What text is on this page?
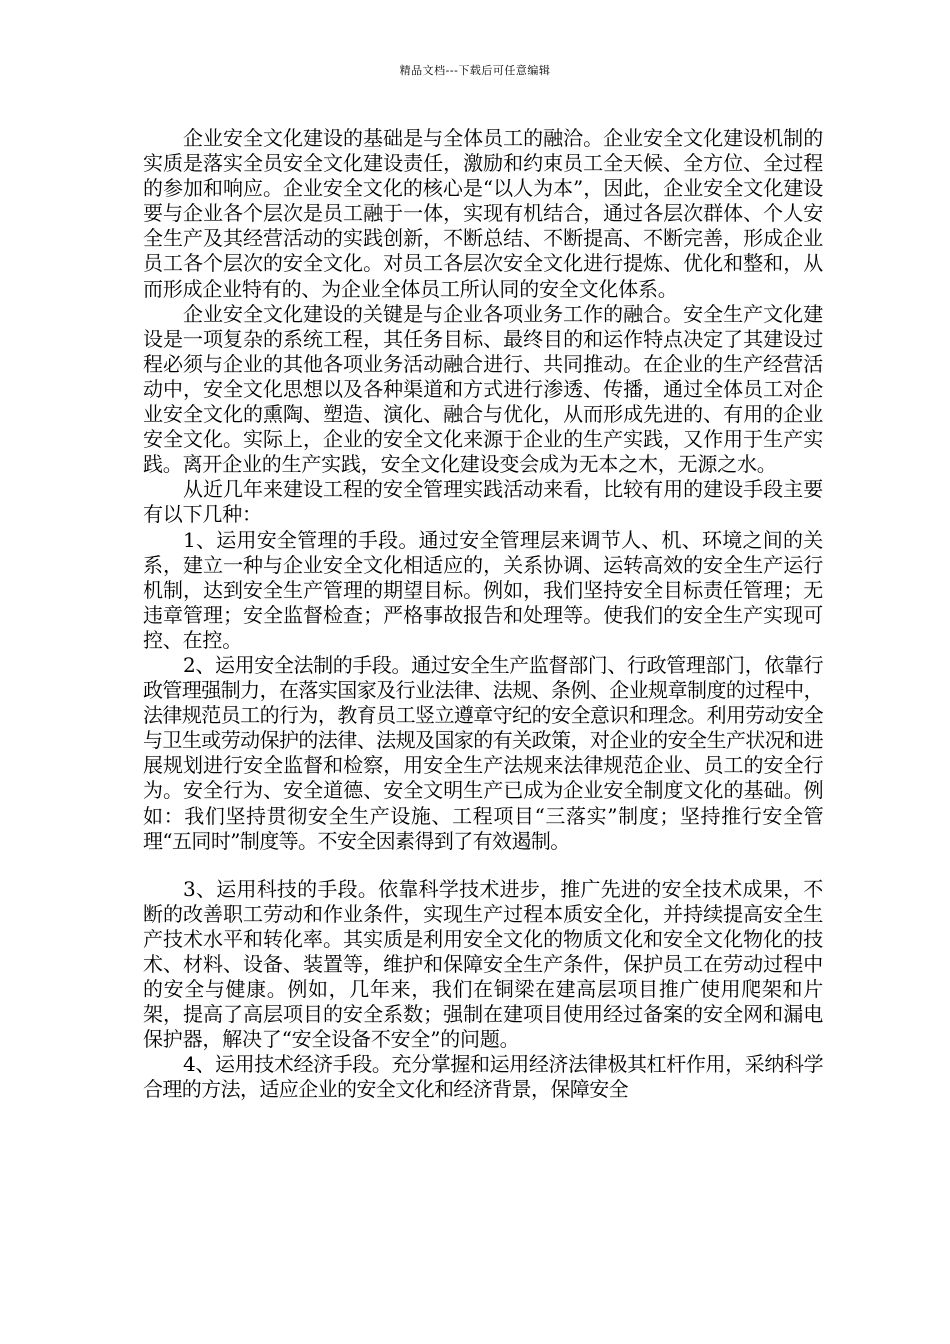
精品文档---下载后可任意编辑

企业安全文化建设的基础是与全体员工的融洽。企业安全文化建设机制的实质是落实全员安全文化建设责任，激励和约束员工全天候、全方位、全过程的参加和响应。企业安全文化的核心是“以人为本”，因此，企业安全文化建设要与企业各个层次是员工融于一体，实现有机结合，通过各层次群体、个人安全生产及其经营活动的实践创新，不断总结、不断提高、不断完善，形成企业员工各个层次的安全文化。对员工各层次安全文化进行提炼、优化和整和，从而形成企业特有的、为企业全体员工所认同的安全文化体系。

企业安全文化建设的关键是与企业各项业务工作的融合。安全生产文化建设是一项复杂的系统工程，其任务目标、最终目的和运作特点决定了其建设过程必须与企业的其他各项业务活动融合进行、共同推动。在企业的生产经营活动中，安全文化思想以及各种渠道和方式进行渗透、传播，通过全体员工对企业安全文化的熏陶、塑造、演化、融合与优化，从而形成先进的、有用的企业安全文化。实际上，企业的安全文化来源于企业的生产实践，又作用于生产实践。离开企业的生产实践，安全文化建设变会成为无本之木，无源之水。

从近几年来建设工程的安全管理实践活动来看，比较有用的建设手段主要有以下几种：

1、运用安全管理的手段。通过安全管理层来调节人、机、环境之间的关系，建立一种与企业安全文化相适应的，关系协调、运转高效的安全生产运行机制，达到安全生产管理的期望目标。例如，我们坚持安全目标责任管理；无违章管理；安全监督检查；严格事故报告和处理等。使我们的安全生产实现可控、在控。

2、运用安全法制的手段。通过安全生产监督部门、行政管理部门，依靠行政管理强制力，在落实国家及行业法律、法规、条例、企业规章制度的过程中，法律规范员工的行为，教育员工竖立遵章守纪的安全意识和理念。利用劳动安全与卫生或劳动保护的法律、法规及国家的有关政策，对企业的安全生产状况和进展规划进行安全监督和检察，用安全生产法规来法律规范企业、员工的安全行为。安全行为、安全道德、安全文明生产已成为企业安全制度文化的基础。例如：我们坚持贯彻安全生产设施、工程项目“三落实”制度；坚持推行安全管理“五同时”制度等。不安全因素得到了有效遏制。

3、运用科技的手段。依靠科学技术进步，推广先进的安全技术成果，不断的改善职工劳动和作业条件，实现生产过程本质安全化，并持续提高安全生产技术水平和转化率。其实质是利用安全文化的物质文化和安全文化物化的技术、材料、设备、装置等，维护和保障安全生产条件，保护员工在劳动过程中的安全与健康。例如，几年来，我们在铜梁在建高层项目推广使用爬架和片架，提高了高层项目的安全系数；强制在建项目使用经过备案的安全网和漏电保护器，解决了“安全设备不安全”的问题。

4、运用技术经济手段。充分掌握和运用经济法律极其杠杆作用，采纳科学合理的方法，适应企业的安全文化和经济背景，保障安全
